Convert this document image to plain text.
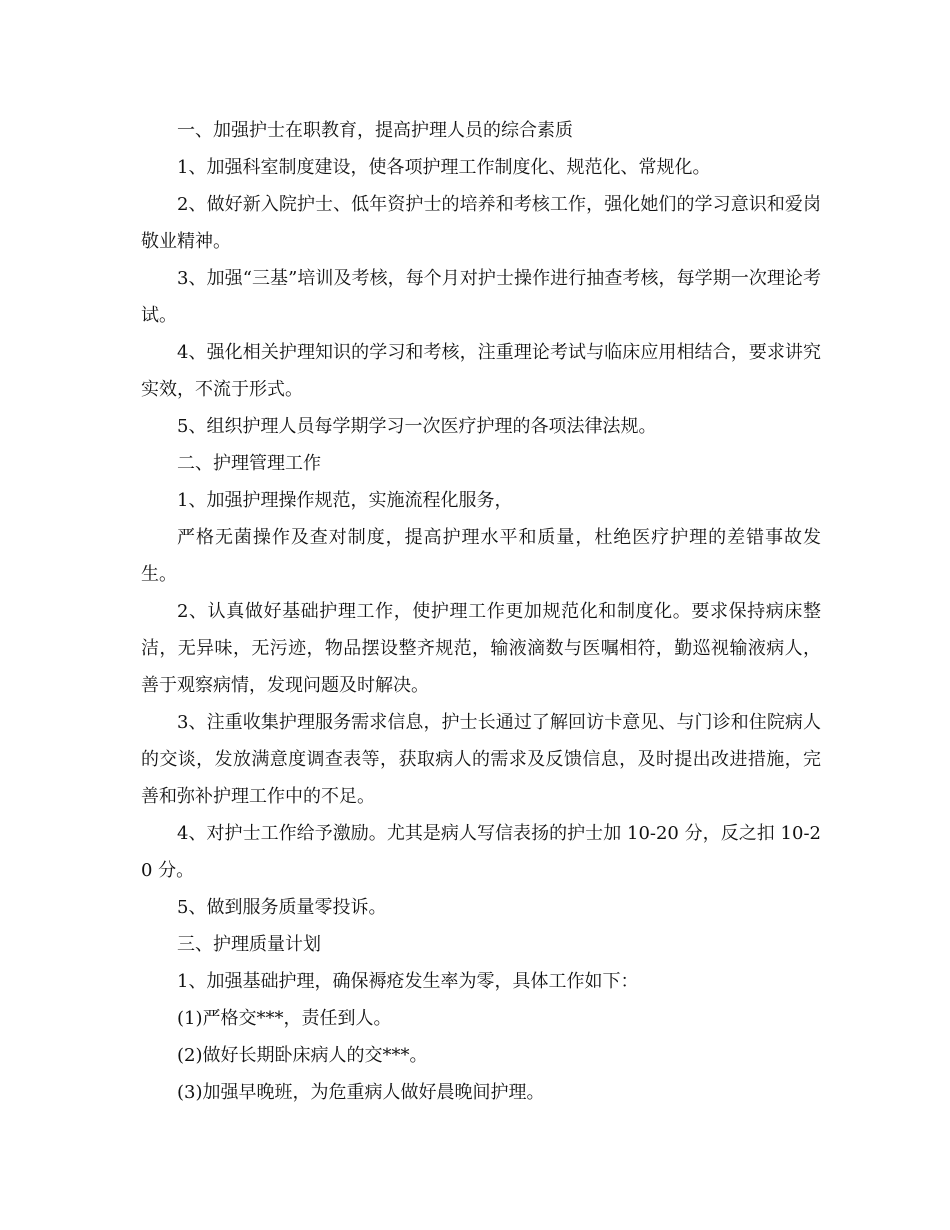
一、加强护士在职教育，提高护理人员的综合素质

1、加强科室制度建设，使各项护理工作制度化、规范化、常规化。

2、做好新入院护士、低年资护士的培养和考核工作，强化她们的学习意识和爱岗敬业精神。

3、加强“三基”培训及考核，每个月对护士操作进行抽查考核，每学期一次理论考试。

4、强化相关护理知识的学习和考核，注重理论考试与临床应用相结合，要求讲究实效，不流于形式。

5、组织护理人员每学期学习一次医疗护理的各项法律法规。

二、护理管理工作

1、加强护理操作规范，实施流程化服务，

严格无菌操作及查对制度，提高护理水平和质量，杜绝医疗护理的差错事故发生。

2、认真做好基础护理工作，使护理工作更加规范化和制度化。要求保持病床整洁，无异味，无污迹，物品摆设整齐规范，输液滴数与医嘱相符，勤巡视输液病人，善于观察病情，发现问题及时解决。

3、注重收集护理服务需求信息，护士长通过了解回访卡意见、与门诊和住院病人的交谈，发放满意度调查表等，获取病人的需求及反馈信息，及时提出改进措施，完善和弥补护理工作中的不足。

4、对护士工作给予激励。尤其是病人写信表扬的护士加 10-20 分，反之扣 10-20 分。

5、做到服务质量零投诉。

三、护理质量计划

1、加强基础护理，确保褥疮发生率为零，具体工作如下：

(1)严格交***，责任到人。

(2)做好长期卧床病人的交***。

(3)加强早晚班，为危重病人做好晨晚间护理。
